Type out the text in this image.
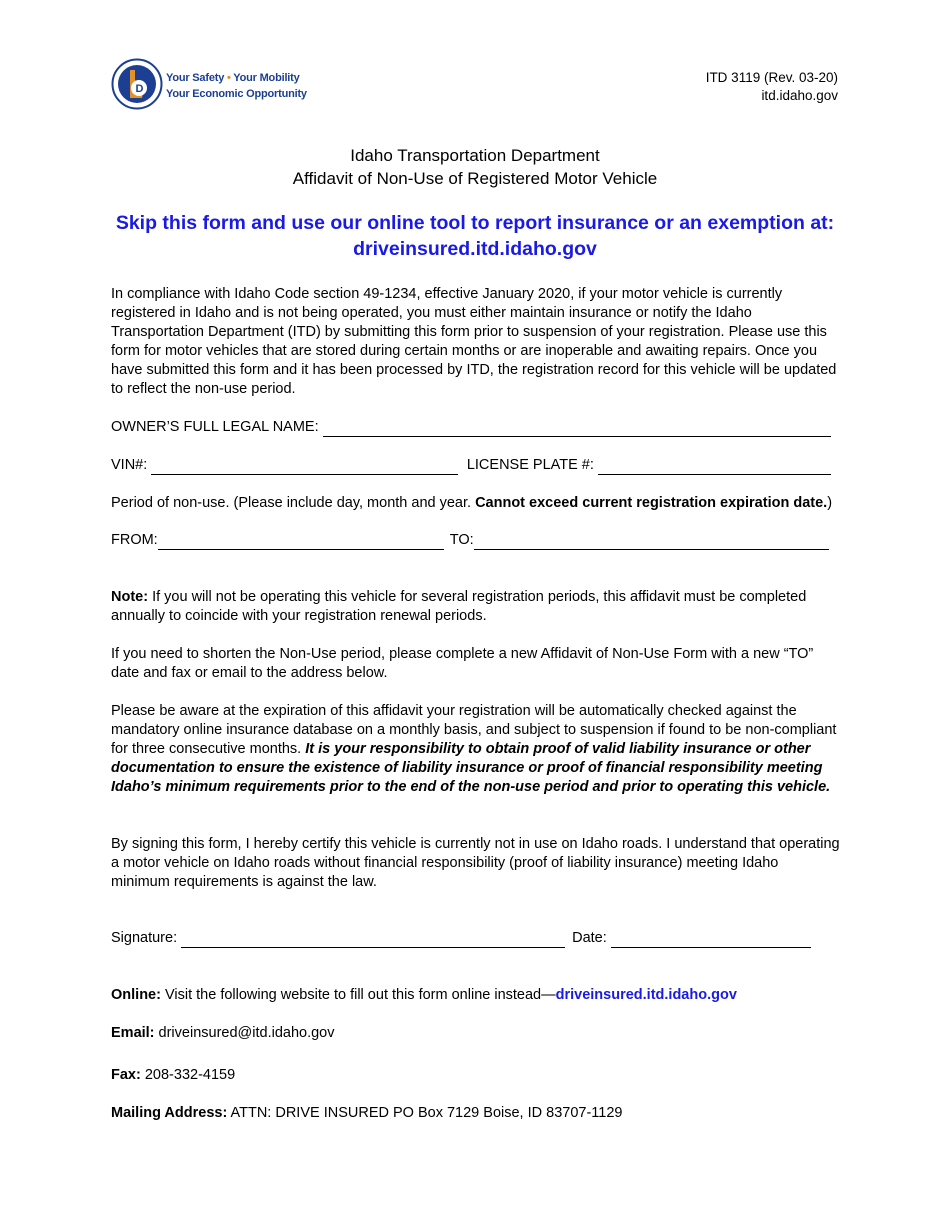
D
Your Safety • Your Mobility
Your Economic Opportunity
ITD 3119 (Rev. 03-20)
itd.idaho.gov
Idaho Transportation Department
Affidavit of Non-Use of Registered Motor Vehicle
Skip this form and use our online tool to report insurance or an exemption at:
driveinsured.itd.idaho.gov
In compliance with Idaho Code section 49-1234, effective January 2020, if your motor vehicle is currently registered in Idaho and is not being operated, you must either maintain insurance or notify the Idaho Transportation Department (ITD) by submitting this form prior to suspension of your registration. Please use this form for motor vehicles that are stored during certain months or are inoperable and awaiting repairs. Once you have submitted this form and it has been processed by ITD, the registration record for this vehicle will be updated to reflect the non-use period.
OWNER’S FULL LEGAL NAME:
VIN#:	LICENSE PLATE #:
Period of non-use. (Please include day, month and year. Cannot exceed current registration expiration date.)
FROM:	TO:
Note: If you will not be operating this vehicle for several registration periods, this affidavit must be completed annually to coincide with your registration renewal periods.
If you need to shorten the Non-Use period, please complete a new Affidavit of Non-Use Form with a new “TO” date and fax or email to the address below.
Please be aware at the expiration of this affidavit your registration will be automatically checked against the mandatory online insurance database on a monthly basis, and subject to suspension if found to be non-compliant for three consecutive months. It is your responsibility to obtain proof of valid liability insurance or other documentation to ensure the existence of liability insurance or proof of financial responsibility meeting Idaho’s minimum requirements prior to the end of the non-use period and prior to operating this vehicle.
By signing this form, I hereby certify this vehicle is currently not in use on Idaho roads. I understand that operating a motor vehicle on Idaho roads without financial responsibility (proof of liability insurance) meeting Idaho minimum requirements is against the law.
Signature:	Date:
Online: Visit the following website to fill out this form online instead—driveinsured.itd.idaho.gov
Email: driveinsured@itd.idaho.gov
Fax: 208-332-4159
Mailing Address: ATTN: DRIVE INSURED PO Box 7129 Boise, ID 83707-1129
